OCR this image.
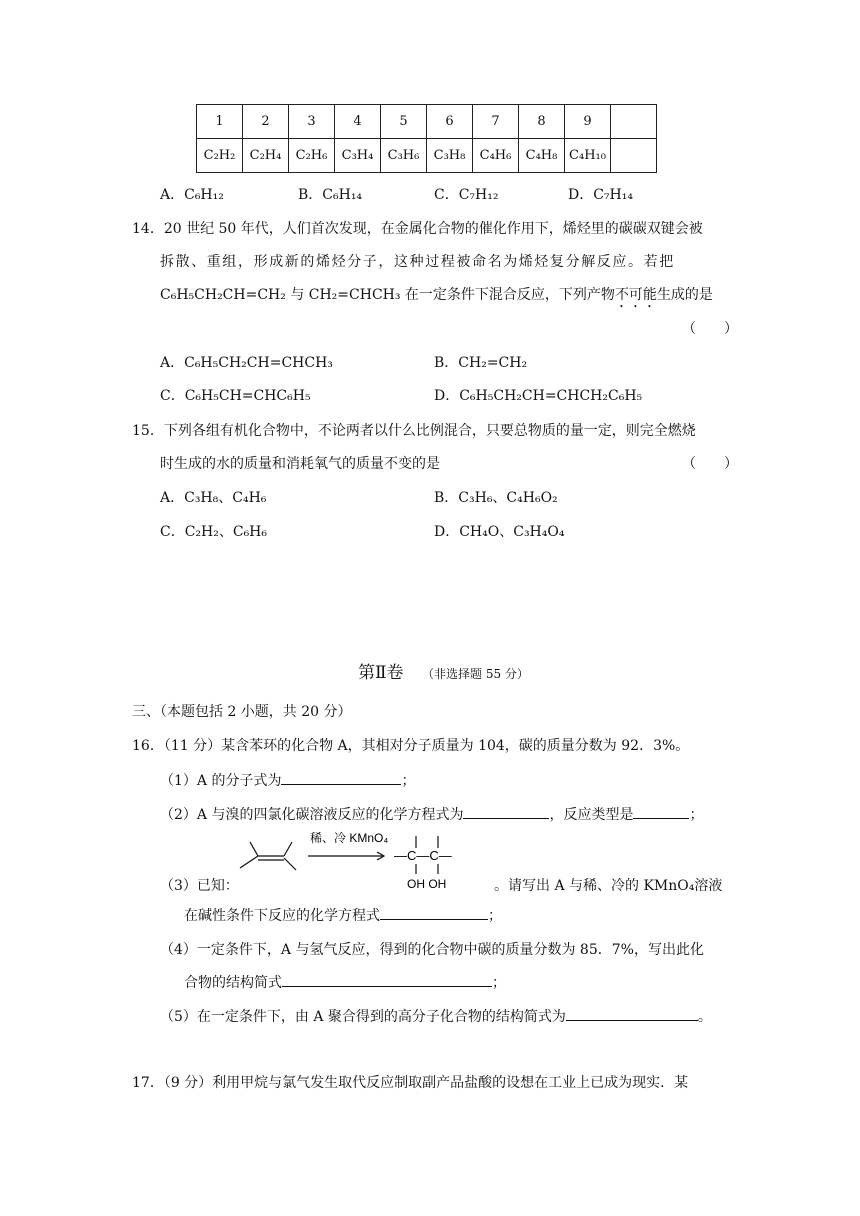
1	2	3	4	5	6	7	8	9	
C₂H₂	C₂H₄	C₂H₆	C₃H₄	C₃H₆	C₃H₈	C₄H₆	C₄H₈	C₄H₁₀	
A．C₆H₁₂	B．C₆H₁₄	C．C₇H₁₂	D．C₇H₁₄
14．20 世纪 50 年代，人们首次发现，在金属化合物的催化作用下，烯烃里的碳碳双键会被
拆散、重组，形成新的烯烃分子，这种过程被命名为烯烃复分解反应。若把
C₆H₅CH₂CH=CH₂ 与 CH₂=CHCH₃ 在一定条件下混合反应，下列产物不可能生成的是
（　　）
A．C₆H₅CH₂CH=CHCH₃	B．CH₂=CH₂
C．C₆H₅CH=CHC₆H₅	D．C₆H₅CH₂CH=CHCH₂C₆H₅
15．下列各组有机化合物中，不论两者以什么比例混合，只要总物质的量一定，则完全燃烧
时生成的水的质量和消耗氧气的质量不变的是	（　　）
A．C₃H₈、C₄H₆	B．C₃H₆、C₄H₆O₂
C．C₂H₂、C₆H₆	D．CH₄O、C₃H₄O₄
第Ⅱ卷 （非选择题 55 分）
三、（本题包括 2 小题，共 20 分）
16．（11 分）某含苯环的化合物 A，其相对分子质量为 104，碳的质量分数为 92．3%。
（1）A 的分子式为	；
（2）A 与溴的四氯化碳溶液反应的化学方程式为	，反应类型是	；
稀、冷 KMnO₄
—C—C—
OH OH
（3）已知：	。请写出 A 与稀、冷的 KMnO₄溶液
在碱性条件下反应的化学方程式	；
（4）一定条件下，A 与氢气反应，得到的化合物中碳的质量分数为 85．7%，写出此化
合物的结构简式	；
（5）在一定条件下，由 A 聚合得到的高分子化合物的结构简式为	。
17．（9 分）利用甲烷与氯气发生取代反应制取副产品盐酸的设想在工业上已成为现实．某
